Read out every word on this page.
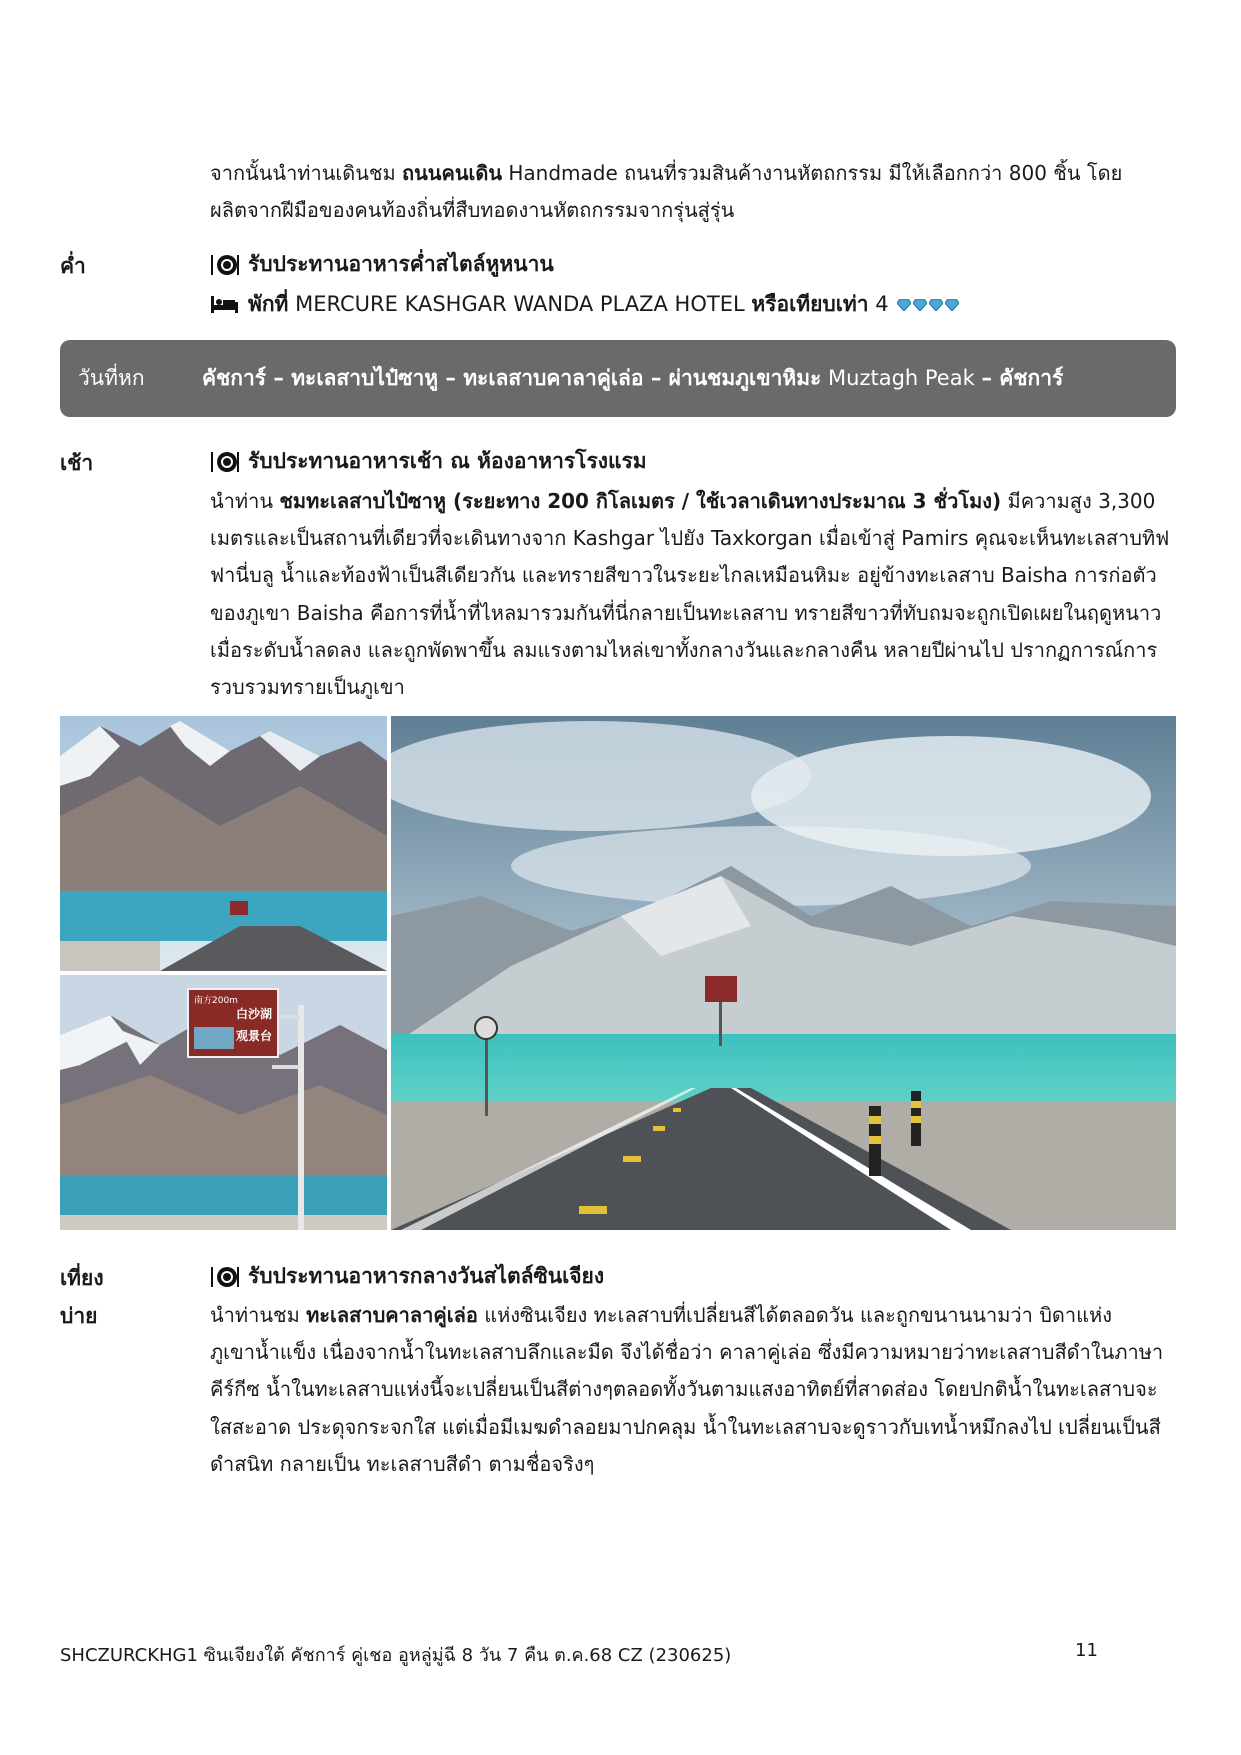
จากนั้นนำท่านเดินชม ถนนคนเดิน Handmade ถนนที่รวมสินค้างานหัตถกรรม มีให้เลือกกว่า 800 ชิ้น โดย
ผลิตจากฝีมือของคนท้องถิ่นที่สืบทอดงานหัตถกรรมจากรุ่นสู่รุ่น

ค่ำ	รับประทานอาหารค่ำสไตล์หูหนาน
พักที่ MERCURE KASHGAR WANDA PLAZA HOTEL หรือเทียบเท่า 4
วันที่หก	คัชการ์ – ทะเลสาบไป๋ซาหู – ทะเลสาบคาลาคู่เล่อ – ผ่านชมภูเขาหิมะ Muztagh Peak – คัชการ์
เช้า	รับประทานอาหารเช้า ณ ห้องอาหารโรงแรม

นำท่าน ชมทะเลสาบไป๋ซาหู (ระยะทาง 200 กิโลเมตร / ใช้เวลาเดินทางประมาณ 3 ชั่วโมง) มีความสูง 3,300 เมตรและเป็นสถานที่เดียวที่จะเดินทางจาก Kashgar ไปยัง Taxkorgan เมื่อเข้าสู่ Pamirs คุณจะเห็นทะเลสาบทิฟฟานี่บลู น้ำและท้องฟ้าเป็นสีเดียวกัน และทรายสีขาวในระยะไกลเหมือนหิมะ อยู่ข้างทะเลสาบ Baisha การก่อตัวของภูเขา Baisha คือการที่น้ำที่ไหลมารวมกันที่นี่กลายเป็นทะเลสาบ ทรายสีขาวที่ทับถมจะถูกเปิดเผยในฤดูหนาวเมื่อระดับน้ำลดลง และถูกพัดพาขึ้น ลมแรงตามไหล่เขาทั้งกลางวันและกลางคืน หลายปีผ่านไป ปรากฏการณ์การรวบรวมทรายเป็นภูเขา

南方200m
白沙湖
观景台
เที่ยง	รับประทานอาหารกลางวันสไตล์ซินเจียง
บ่าย	นำท่านชม ทะเลสาบคาลาคู่เล่อ แห่งซินเจียง ทะเลสาบที่เปลี่ยนสีได้ตลอดวัน และถูกขนานนามว่า บิดาแห่งภูเขาน้ำแข็ง เนื่องจากน้ำในทะเลสาบลึกและมืด จึงได้ชื่อว่า คาลาคู่เล่อ ซึ่งมีความหมายว่าทะเลสาบสีดำในภาษาคีร์กีซ น้ำในทะเลสาบแห่งนี้จะเปลี่ยนเป็นสีต่างๆตลอดทั้งวันตามแสงอาทิตย์ที่สาดส่อง โดยปกติน้ำในทะเลสาบจะใสสะอาด ประดุจกระจกใส แต่เมื่อมีเมฆดำลอยมาปกคลุม น้ำในทะเลสาบจะดูราวกับเทน้ำหมึกลงไป เปลี่ยนเป็นสีดำสนิท กลายเป็น ทะเลสาบสีดำ ตามชื่อจริงๆ

SHCZURCKHG1 ซินเจียงใต้ คัชการ์ คู่เชอ อูหลู่มู่ฉี 8 วัน 7 คืน ต.ค.68 CZ (230625)	11
